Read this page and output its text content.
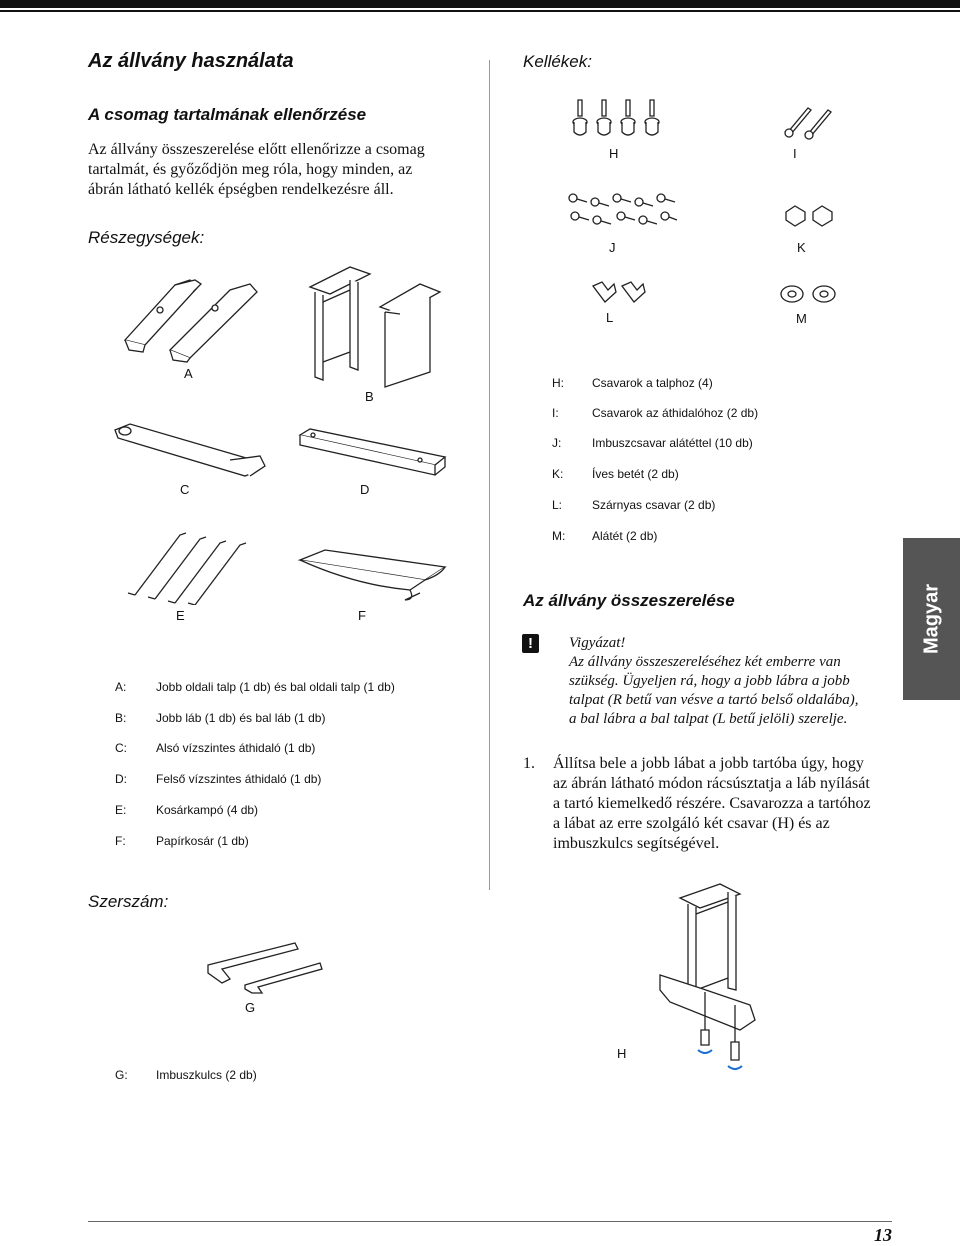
Az állvány használata
A csomag tartalmának ellenőrzése
Az állvány összeszerelése előtt ellenőrizze a csomag
tartalmát, és győződjön meg róla, hogy minden, az
ábrán látható kellék épségben rendelkezésre áll.
Részegységek:
A
B
C	D
E	F
A: Jobb oldali talp (1 db) és bal oldali talp (1 db)
B: Jobb láb (1 db) és bal láb (1 db)
C: Alsó vízszintes áthidaló (1 db)
D: Felső vízszintes áthidaló (1 db)
E: Kosárkampó (4 db)
F:	Papírkosár (1 db)
Szerszám:
G
G: Imbuszkulcs (2 db)
Kellékek:
H	I
J	K
L	M
H: Csavarok a talphoz (4)
I:	Csavarok az áthidalóhoz (2 db)
J:	Imbuszcsavar alátéttel (10 db)
K: Íves betét (2 db)
L: Szárnyas csavar (2 db)
M: Alátét (2 db)
Az állvány összeszerelése
!	Vigyázat!
Az állvány összeszereléséhez két emberre van
szükség. Ügyeljen rá, hogy a jobb lábra a jobb
talpat (R betű van vésve a tartó belső oldalába),
a bal lábra a bal talpat (L betű jelöli) szerelje.
1. Állítsa bele a jobb lábat a jobb tartóba úgy, hogy
az ábrán látható módon rácsúsztatja a láb nyílását
a tartó kiemelkedő részére. Csavarozza a tartóhoz
a lábat az erre szolgáló két csavar (H) és az
imbuszkulcs segítségével.
H
Magyar
13
